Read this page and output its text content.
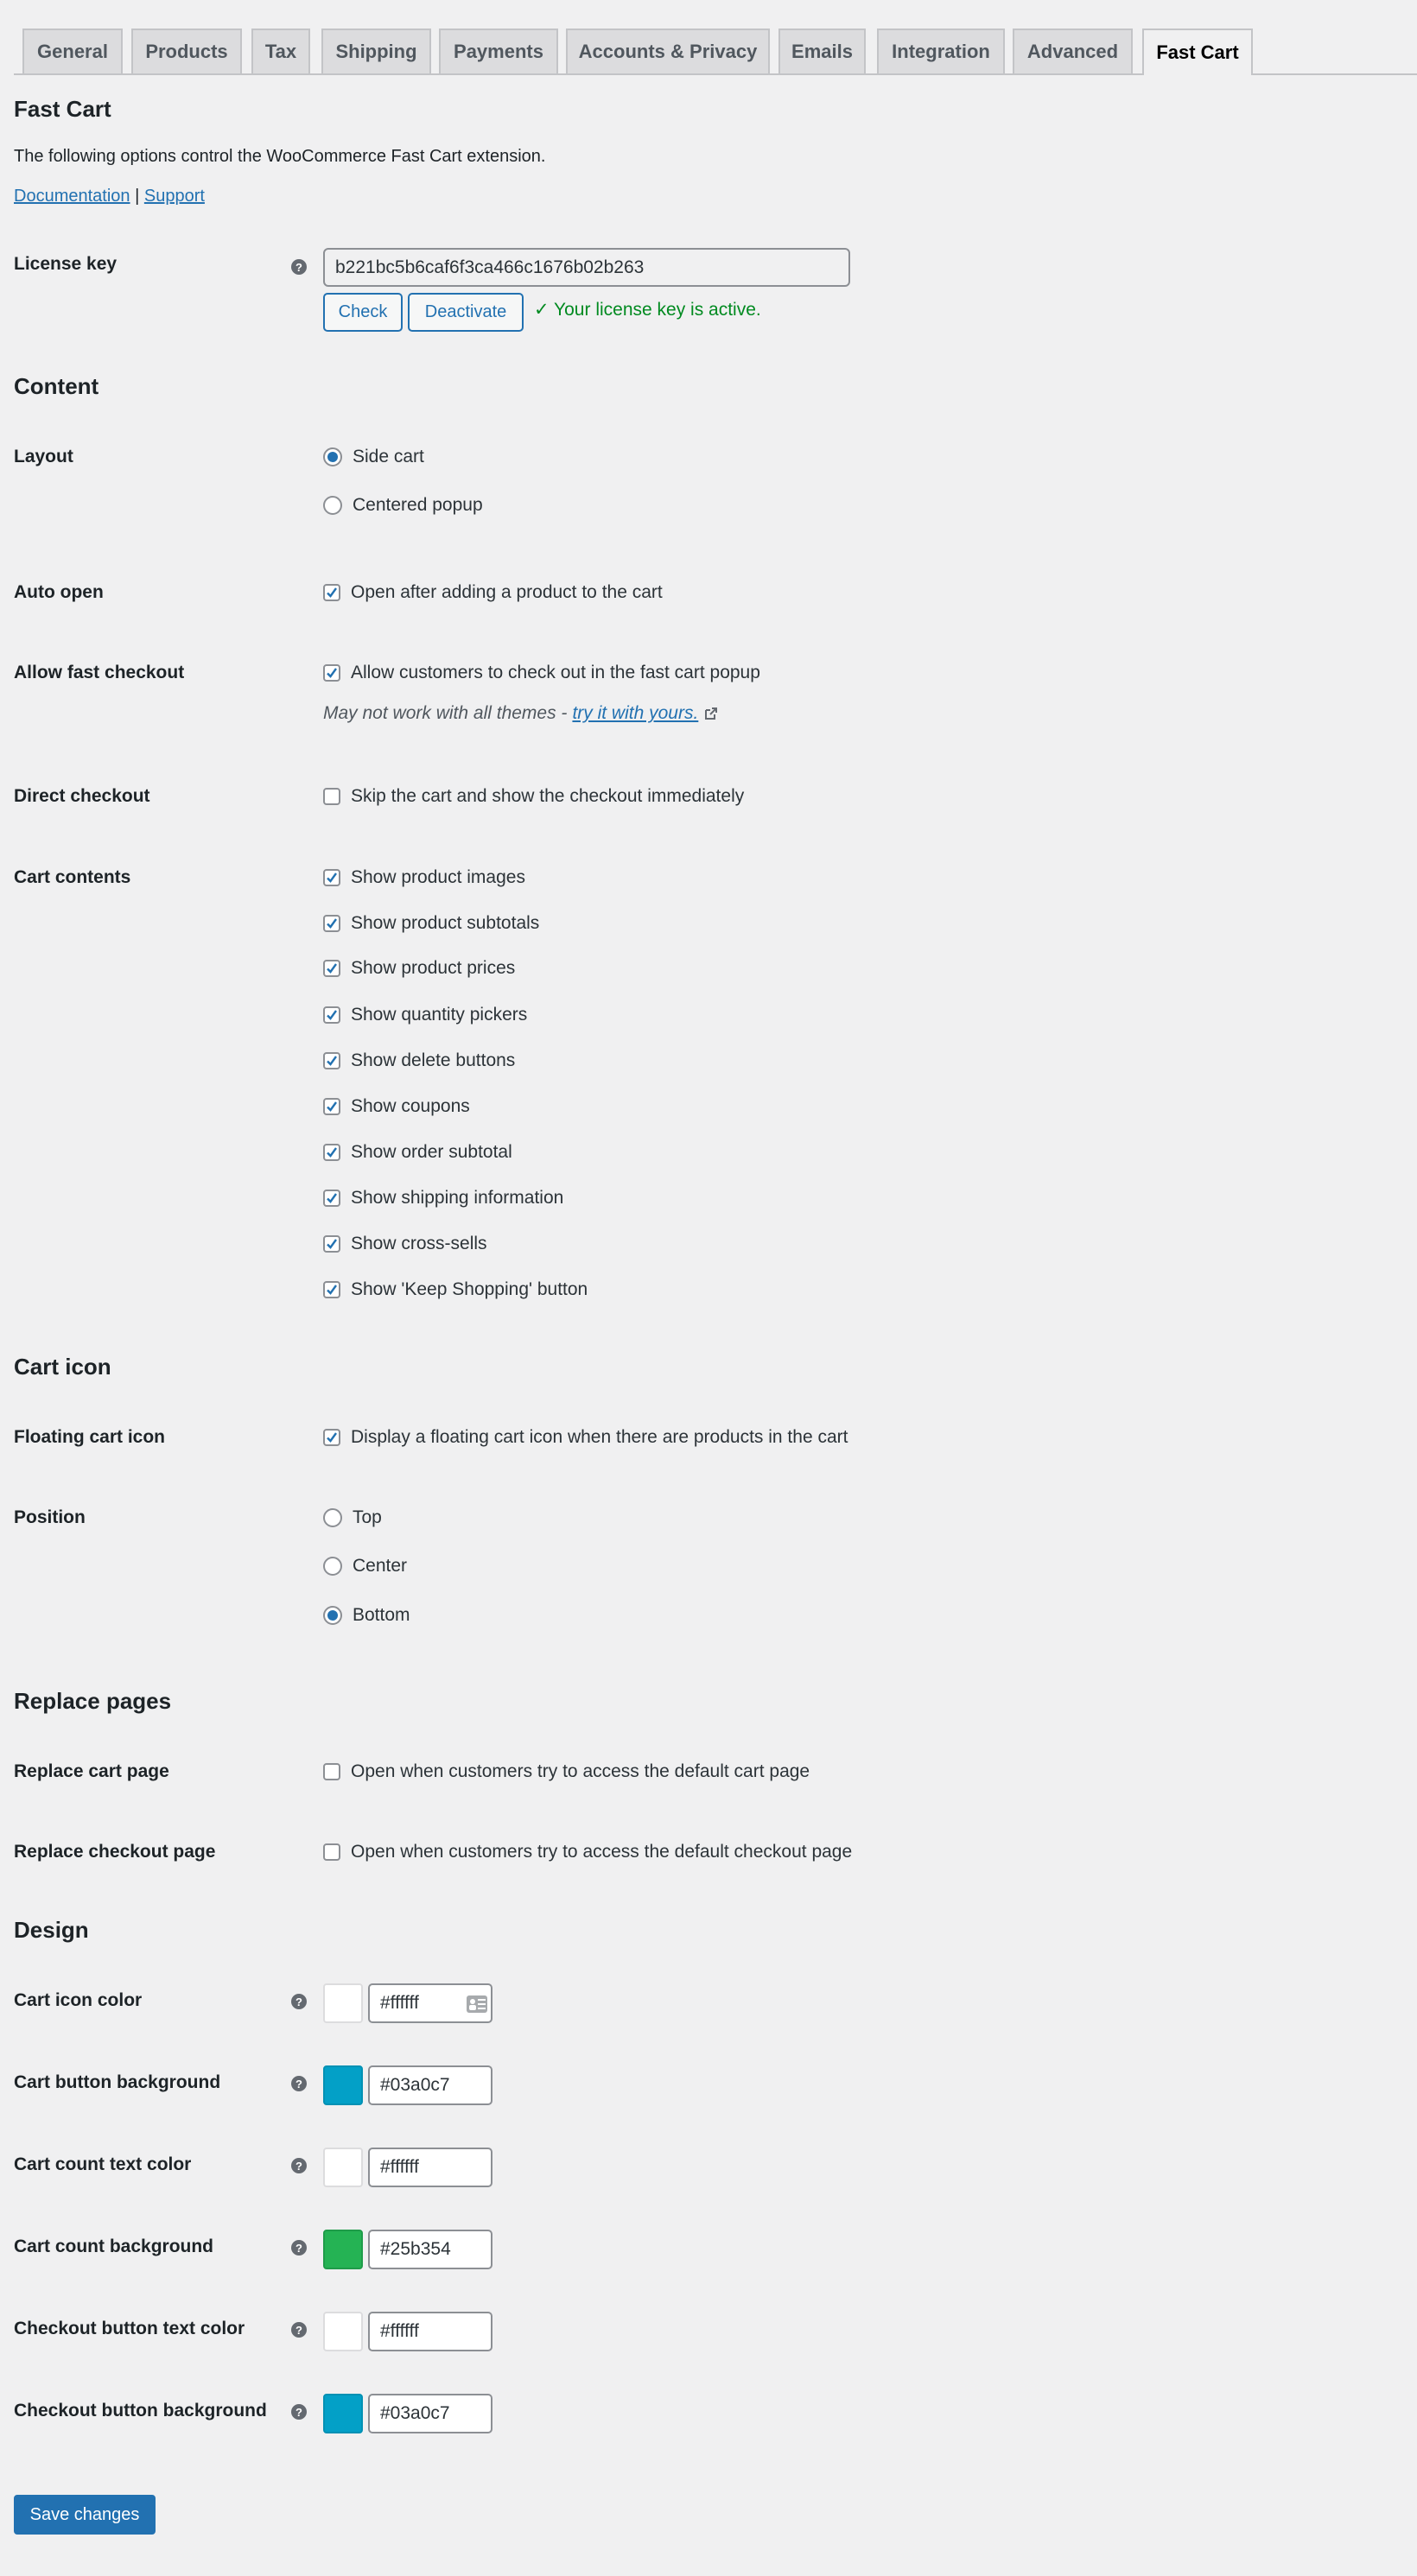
General	Products	Tax	Shipping	Payments	Accounts & Privacy	Emails	Integration	Advanced	Fast Cart
Fast Cart
The following options control the WooCommerce Fast Cart extension.
Documentation | Support
License key	?
b221bc5b6caf6f3ca466c1676b02b263
Check	Deactivate	✓ Your license key is active.
Content
Layout	Side cart
Centered popup
Auto open	Open after adding a product to the cart
Allow fast checkout	Allow customers to check out in the fast cart popup
May not work with all themes - try it with yours.
Direct checkout	Skip the cart and show the checkout immediately
Cart contents	Show product images
Show product subtotals
Show product prices
Show quantity pickers
Show delete buttons
Show coupons
Show order subtotal
Show shipping information
Show cross-sells
Show 'Keep Shopping' button
Cart icon
Floating cart icon	Display a floating cart icon when there are products in the cart
Position	Top
Center
Bottom
Replace pages
Replace cart page	Open when customers try to access the default cart page
Replace checkout page	Open when customers try to access the default checkout page
Design
Cart icon color	?	#ffffff
Cart button background	?	#03a0c7
Cart count text color	?	#ffffff
Cart count background	?	#25b354
Checkout button text color	?	#ffffff
Checkout button background	?	#03a0c7
Save changes
